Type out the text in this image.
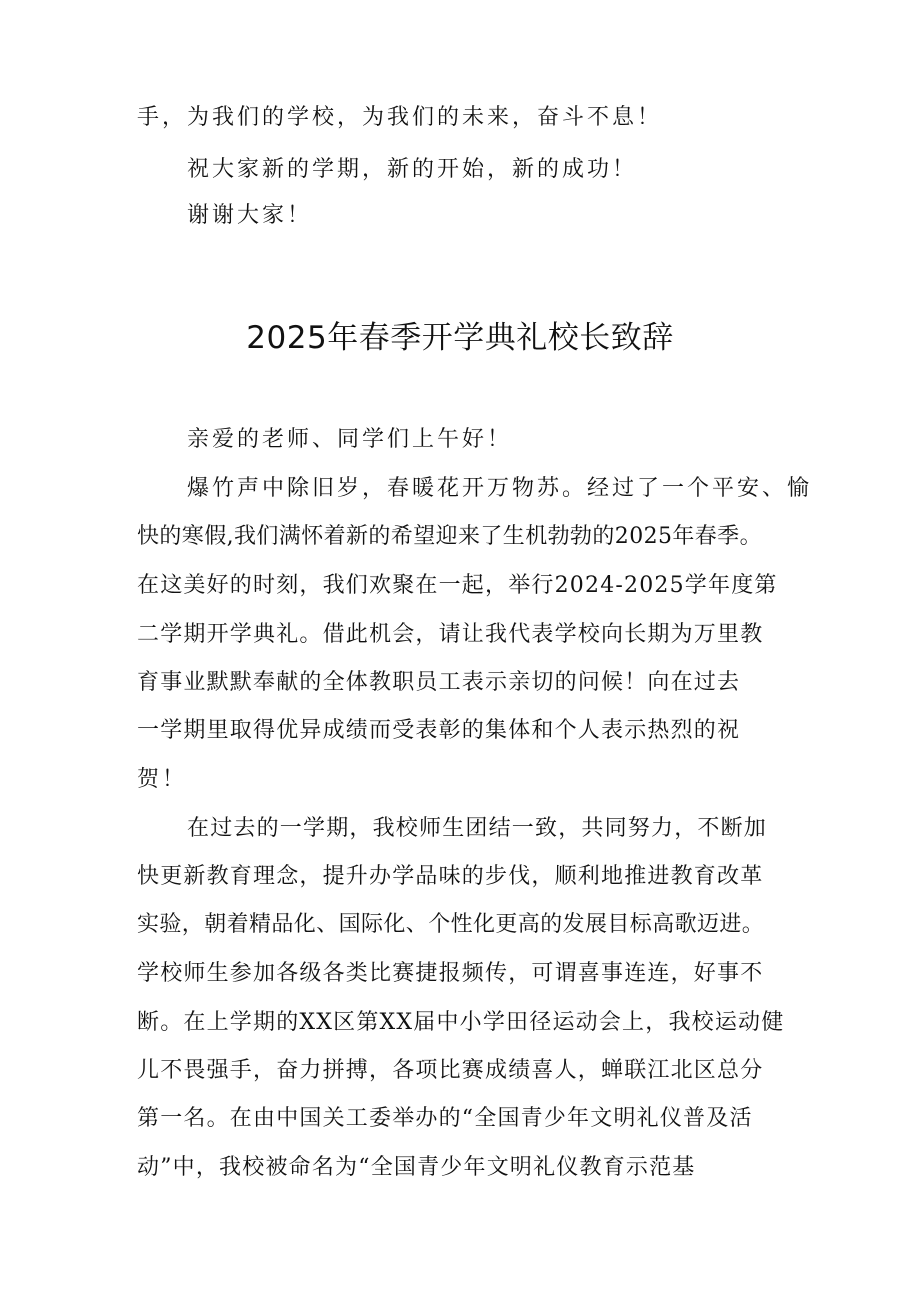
手，为我们的学校，为我们的未来，奋斗不息！
祝大家新的学期，新的开始，新的成功！
谢谢大家！
2025年春季开学典礼校长致辞
亲爱的老师、同学们上午好！
爆竹声中除旧岁，春暖花开万物苏。经过了一个平安、愉
快的寒假,我们满怀着新的希望迎来了生机勃勃的2025年春季。
在这美好的时刻，我们欢聚在一起，举行2024-2025学年度第
二学期开学典礼。借此机会，请让我代表学校向长期为万里教
育事业默默奉献的全体教职员工表示亲切的问候！向在过去
一学期里取得优异成绩而受表彰的集体和个人表示热烈的祝
贺！
在过去的一学期，我校师生团结一致，共同努力，不断加
快更新教育理念，提升办学品味的步伐，顺利地推进教育改革
实验，朝着精品化、国际化、个性化更高的发展目标高歌迈进。
学校师生参加各级各类比赛捷报频传，可谓喜事连连，好事不
断。在上学期的XX区第XX届中小学田径运动会上，我校运动健
儿不畏强手，奋力拼搏，各项比赛成绩喜人，蝉联江北区总分
第一名。在由中国关工委举办的“全国青少年文明礼仪普及活
动”中，我校被命名为“全国青少年文明礼仪教育示范基
